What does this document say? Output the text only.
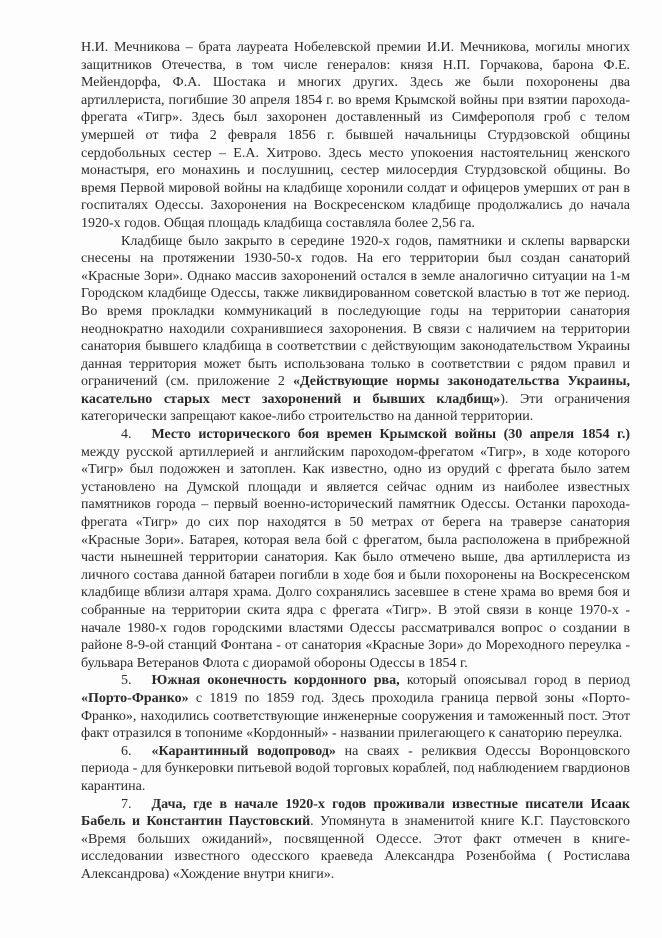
Н.И. Мечникова – брата лауреата Нобелевской премии И.И. Мечникова, могилы многих защитников Отечества, в том числе генералов: князя Н.П. Горчакова, барона Ф.Е. Мейендорфа, Ф.А. Шостака и многих других. Здесь же были похоронены два артиллериста, погибшие 30 апреля 1854 г. во время Крымской войны при взятии парохода-фрегата «Тигр». Здесь был захоронен доставленный из Симферополя гроб с телом умершей от тифа 2 февраля 1856 г. бывшей начальницы Стурдзовской общины сердобольных сестер – Е.А. Хитрово. Здесь место упокоения настоятельниц женского монастыря, его монахинь и послушниц, сестер милосердия Стурдзовской общины. Во время Первой мировой войны на кладбище хоронили солдат и офицеров умерших от ран в госпиталях Одессы. Захоронения на Воскресенском кладбище продолжались до начала 1920-х годов. Общая площадь кладбища составляла более 2,56 га.

Кладбище было закрыто в середине 1920-х годов, памятники и склепы варварски снесены на протяжении 1930-50-х годов. На его территории был создан санаторий «Красные Зори». Однако массив захоронений остался в земле аналогично ситуации на 1-м Городском кладбище Одессы, также ликвидированном советской властью в тот же период. Во время прокладки коммуникаций в последующие годы на территории санатория неоднократно находили сохранившиеся захоронения. В связи с наличием на территории санатория бывшего кладбища в соответствии с действующим законодательством Украины данная территория может быть использована только в соответствии с рядом правил и ограничений (см. приложение 2 «Действующие нормы законодательства Украины, касательно старых мест захоронений и бывших кладбищ»). Эти ограничения категорически запрещают какое-либо строительство на данной территории.

4. Место исторического боя времен Крымской войны (30 апреля 1854 г.) между русской артиллерией и английским пароходом-фрегатом «Тигр», в ходе которого «Тигр» был подожжен и затоплен. Как известно, одно из орудий с фрегата было затем установлено на Думской площади и является сейчас одним из наиболее известных памятников города – первый военно-исторический памятник Одессы. Останки парохода-фрегата «Тигр» до сих пор находятся в 50 метрах от берега на траверзе санатория «Красные Зори». Батарея, которая вела бой с фрегатом, была расположена в прибрежной части нынешней территории санатория. Как было отмечено выше, два артиллериста из личного состава данной батареи погибли в ходе боя и были похоронены на Воскресенском кладбище вблизи алтаря храма. Долго сохранялись засевшее в стене храма во время боя и собранные на территории скита ядра с фрегата «Тигр». В этой связи в конце 1970-х - начале 1980-х годов городскими властями Одессы рассматривался вопрос о создании в районе 8-9-ой станций Фонтана - от санатория «Красные Зори» до Мореходного переулка - бульвара Ветеранов Флота с диорамой обороны Одессы в 1854 г.

5. Южная оконечность кордонного рва, который опоясывал город в период «Порто-Франко» с 1819 по 1859 год. Здесь проходила граница первой зоны «Порто-Франко», находились соответствующие инженерные сооружения и таможенный пост. Этот факт отразился в топониме «Кордонный» - названии прилегающего к санаторию переулка.

6. «Карантинный водопровод» на сваях - реликвия Одессы Воронцовского периода - для бункеровки питьевой водой торговых кораблей, под наблюдением гвардионов карантина.

7. Дача, где в начале 1920-х годов проживали известные писатели Исаак Бабель и Константин Паустовский. Упомянута в знаменитой книге К.Г. Паустовского «Время больших ожиданий», посвященной Одессе. Этот факт отмечен в книге-исследовании известного одесского краеведа Александра Розенбойма ( Ростислава Александрова) «Хождение внутри книги».
